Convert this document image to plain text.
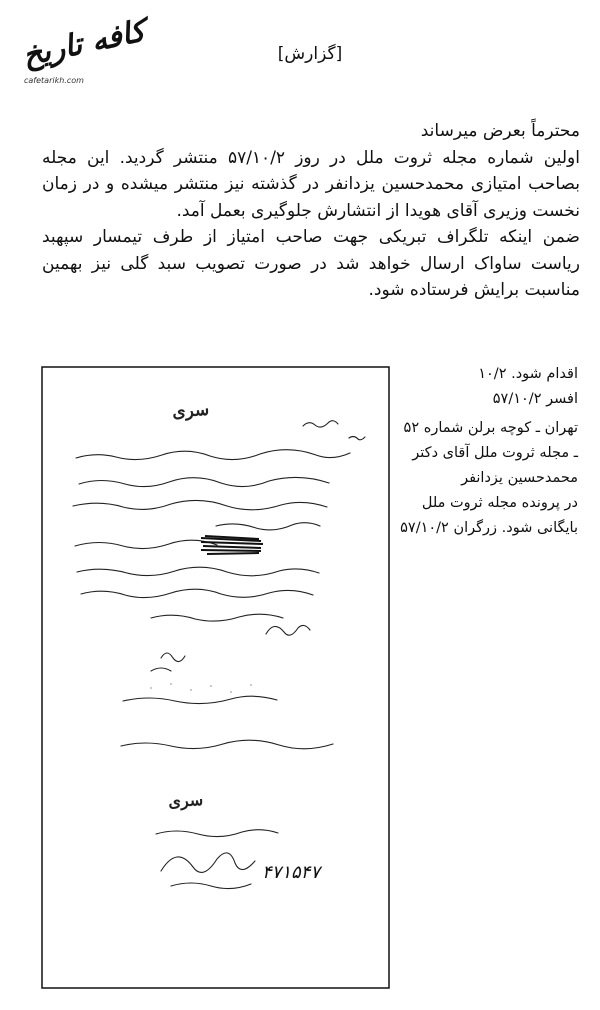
کافه تاریخ
cafetarikh.com
[گزارش]

محترماً بعرض میرساند

اولین شماره مجله ثروت ملل در روز ۵۷/۱۰/۲ منتشر گردید. این مجله بصاحب امتیازی محمدحسین یزدانفر در گذشته نیز منتشر میشده و در زمان نخست وزیری آقای هویدا از انتشارش جلوگیری بعمل آمد.

ضمن اینکه تلگراف تبریکی جهت صاحب امتیاز از طرف تیمسار سپهبد ریاست ساواک ارسال خواهد شد در صورت تصویب سبد گلی نیز بهمین مناسبت برایش فرستاده شود.

اقدام شود. ۱۰/۲

افسر ۵۷/۱۰/۲

تهران ـ کوچه برلن شماره ۵۲ ـ مجله ثروت ملل آقای دکتر محمدحسین یزدانفر

در پرونده مجله ثروت ملل بایگانی شود. زرگران ۵۷/۱۰/۲

سری
سری
۴۷۱۵۴۷
